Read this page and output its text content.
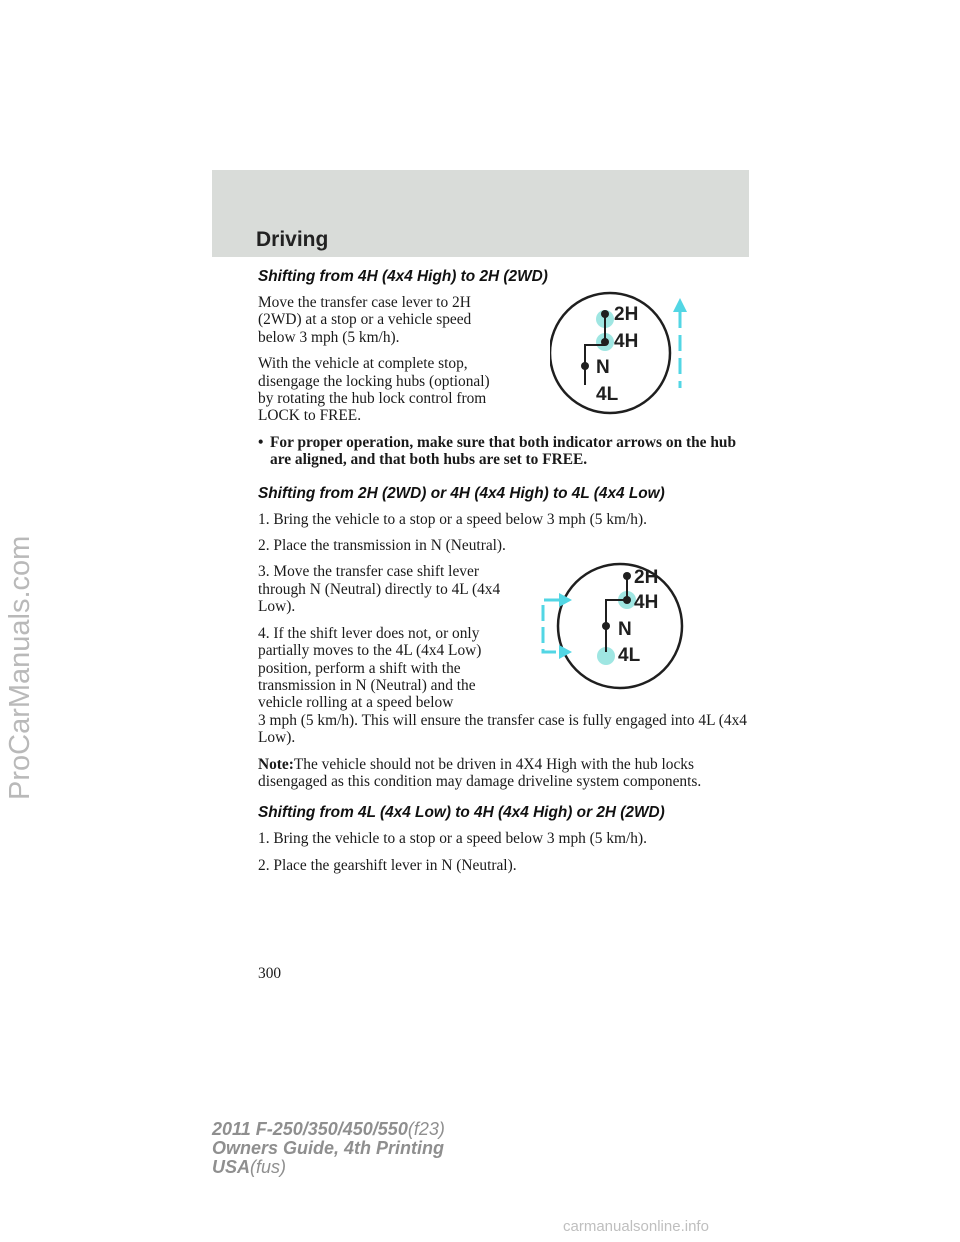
Driving
ProCarManuals.com
Shifting from 4H (4x4 High) to 2H (2WD)

Move the transfer case lever to 2H (2WD) at a stop or a vehicle speed below 3 mph (5 km/h).

With the vehicle at complete stop, disengage the locking hubs (optional) by rotating the hub lock control from LOCK to FREE.

• For proper operation, make sure that both indicator arrows on the hub are aligned, and that both hubs are set to FREE.
Shifting from 2H (2WD) or 4H (4x4 High) to 4L (4x4 Low)

1. Bring the vehicle to a stop or a speed below 3 mph (5 km/h).

2. Place the transmission in N (Neutral).

3. Move the transfer case shift lever through N (Neutral) directly to 4L (4x4 Low).

4. If the shift lever does not, or only partially moves to the 4L (4x4 Low) position, perform a shift with the transmission in N (Neutral) and the vehicle rolling at a speed below

3 mph (5 km/h). This will ensure the transfer case is fully engaged into 4L (4x4 Low).

Note:The vehicle should not be driven in 4X4 High with the hub locks disengaged as this condition may damage driveline system components.

Shifting from 4L (4x4 Low) to 4H (4x4 High) or 2H (2WD)

1. Bring the vehicle to a stop or a speed below 3 mph (5 km/h).

2. Place the gearshift lever in N (Neutral).

2H
4H
N
4L
2H
4H
N
4L
300
2011 F-250/350/450/550(f23)
Owners Guide, 4th Printing
USA(fus)
carmanualsonline.info
